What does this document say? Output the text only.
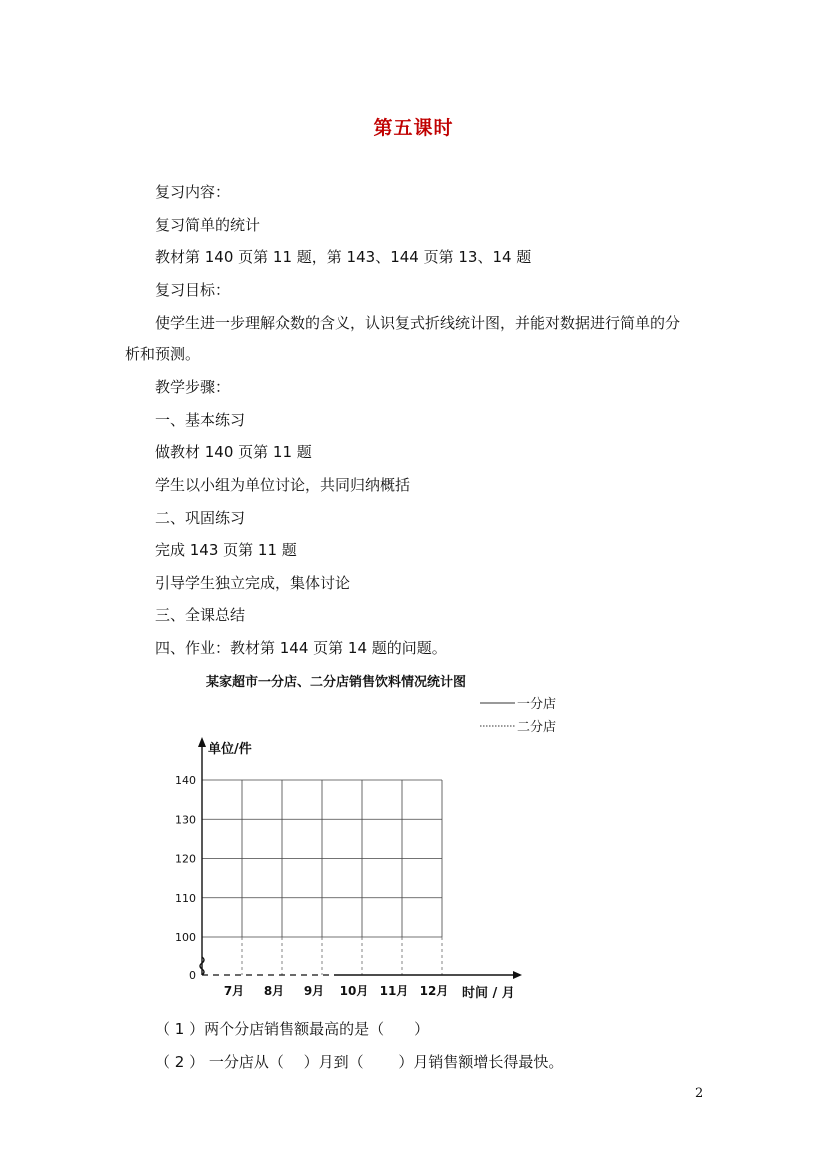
第五课时
复习内容：
复习简单的统计
教材第 140 页第 11 题，第 143、144 页第 13、14 题
复习目标：
使学生进一步理解众数的含义，认识复式折线统计图，并能对数据进行简单的分
析和预测。
教学步骤：
一、基本练习
做教材 140 页第 11 题
学生以小组为单位讨论，共同归纳概括
二、巩固练习
完成 143 页第 11 题
引导学生独立完成，集体讨论
三、全课总结
四、作业：教材第 144 页第 14 题的问题。
某家超市一分店、二分店销售饮料情况统计图
一分店
二分店
单位/件
140
130
120
110
100
0
7月 8月 9月 10月 11月 12月 时间 / 月
（ 1 ）两个分店销售额最高的是（　　）
（ 2 ） 一分店从（　 ）月到（　　 ）月销售额增长得最快。
2
